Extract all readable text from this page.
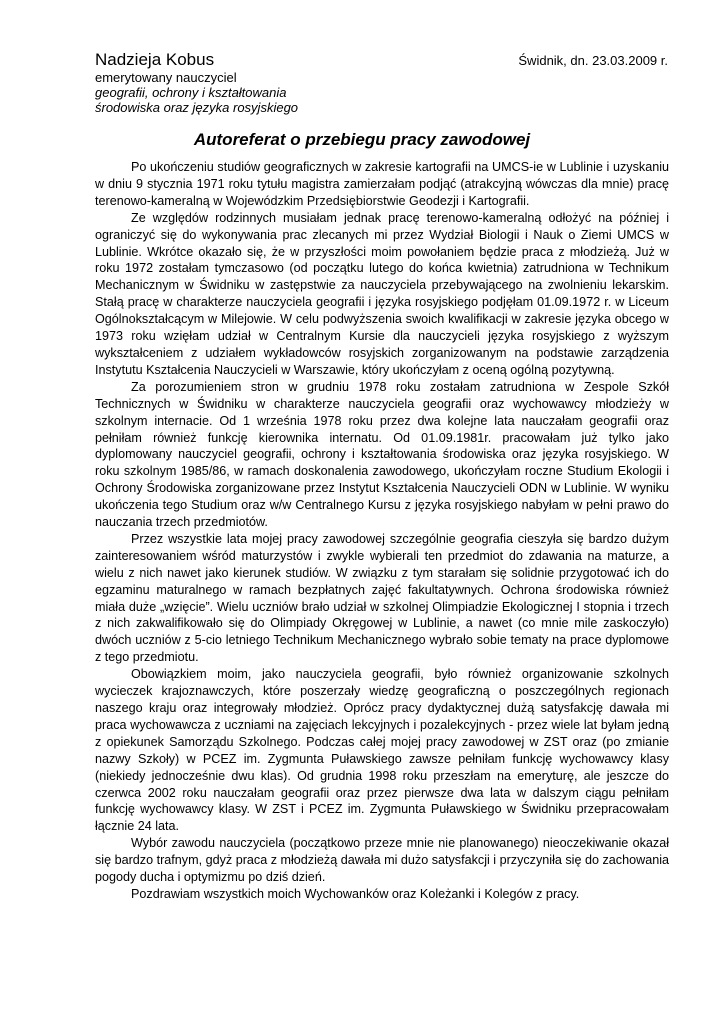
Nadzieja Kobus	Świdnik, dn. 23.03.2009 r.
emerytowany nauczyciel
geografii, ochrony i kształtowania
środowiska oraz języka rosyjskiego
Autoreferat o przebiegu pracy zawodowej

Po ukończeniu studiów geograficznych w zakresie kartografii na UMCS-ie w Lublinie i uzyskaniu w dniu 9 stycznia 1971 roku tytułu magistra zamierzałam podjąć (atrakcyjną wówczas dla mnie) pracę terenowo-kameralną w Wojewódzkim Przedsiębiorstwie Geodezji i Kartografii.

Ze względów rodzinnych musiałam jednak pracę terenowo-kameralną odłożyć na później i ograniczyć się do wykonywania prac zlecanych mi przez Wydział Biologii i Nauk o Ziemi UMCS w Lublinie. Wkrótce okazało się, że w przyszłości moim powołaniem będzie praca z młodzieżą. Już w roku 1972 zostałam tymczasowo (od początku lutego do końca kwietnia) zatrudniona w Technikum Mechanicznym w Świdniku w zastępstwie za nauczyciela przebywającego na zwolnieniu lekarskim. Stałą pracę w charakterze nauczyciela geografii i języka rosyjskiego podjęłam 01.09.1972 r. w Liceum Ogólnokształcącym w Milejowie. W celu podwyższenia swoich kwalifikacji w zakresie języka obcego w 1973 roku wzięłam udział w Centralnym Kursie dla nauczycieli języka rosyjskiego z wyższym wykształceniem z udziałem wykładowców rosyjskich zorganizowanym na podstawie zarządzenia Instytutu Kształcenia Nauczycieli w Warszawie, który ukończyłam z oceną ogólną pozytywną.

Za porozumieniem stron w grudniu 1978 roku zostałam zatrudniona w Zespole Szkół Technicznych w Świdniku w charakterze nauczyciela geografii oraz wychowawcy młodzieży w szkolnym internacie. Od 1 września 1978 roku przez dwa kolejne lata nauczałam geografii oraz pełniłam również funkcję kierownika internatu. Od 01.09.1981r. pracowałam już tylko jako dyplomowany nauczyciel geografii, ochrony i kształtowania środowiska oraz języka rosyjskiego. W roku szkolnym 1985/86, w ramach doskonalenia zawodowego, ukończyłam roczne Studium Ekologii i Ochrony Środowiska zorganizowane przez Instytut Kształcenia Nauczycieli ODN w Lublinie. W wyniku ukończenia tego Studium oraz w/w Centralnego Kursu z języka rosyjskiego nabyłam w pełni prawo do nauczania trzech przedmiotów.

Przez wszystkie lata mojej pracy zawodowej szczególnie geografia cieszyła się bardzo dużym zainteresowaniem wśród maturzystów i zwykle wybierali ten przedmiot do zdawania na maturze, a wielu z nich nawet jako kierunek studiów. W związku z tym starałam się solidnie przygotować ich do egzaminu maturalnego w ramach bezpłatnych zajęć fakultatywnych. Ochrona środowiska również miała duże „wzięcie”. Wielu uczniów brało udział w szkolnej Olimpiadzie Ekologicznej I stopnia i trzech z nich zakwalifikowało się do Olimpiady Okręgowej w Lublinie, a nawet (co mnie mile zaskoczyło) dwóch uczniów z 5-cio letniego Technikum Mechanicznego wybrało sobie tematy na prace dyplomowe z tego przedmiotu.

Obowiązkiem moim, jako nauczyciela geografii, było również organizowanie szkolnych wycieczek krajoznawczych, które poszerzały wiedzę geograficzną o poszczególnych regionach naszego kraju oraz integrowały młodzież. Oprócz pracy dydaktycznej dużą satysfakcję dawała mi praca wychowawcza z uczniami na zajęciach lekcyjnych i pozalekcyjnych - przez wiele lat byłam jedną z opiekunek Samorządu Szkolnego. Podczas całej mojej pracy zawodowej w ZST oraz (po zmianie nazwy Szkoły) w PCEZ im. Zygmunta Puławskiego zawsze pełniłam funkcję wychowawcy klasy (niekiedy jednocześnie dwu klas). Od grudnia 1998 roku przeszłam na emeryturę, ale jeszcze do czerwca 2002 roku nauczałam geografii oraz przez pierwsze dwa lata w dalszym ciągu pełniłam funkcję wychowawcy klasy. W ZST i PCEZ im. Zygmunta Puławskiego w Świdniku przepracowałam łącznie 24 lata.

Wybór zawodu nauczyciela (początkowo przeze mnie nie planowanego) nieoczekiwanie okazał się bardzo trafnym, gdyż praca z młodzieżą dawała mi dużo satysfakcji i przyczyniła się do zachowania pogody ducha i optymizmu po dziś dzień.

Pozdrawiam wszystkich moich Wychowanków oraz Koleżanki i Kolegów z pracy.
